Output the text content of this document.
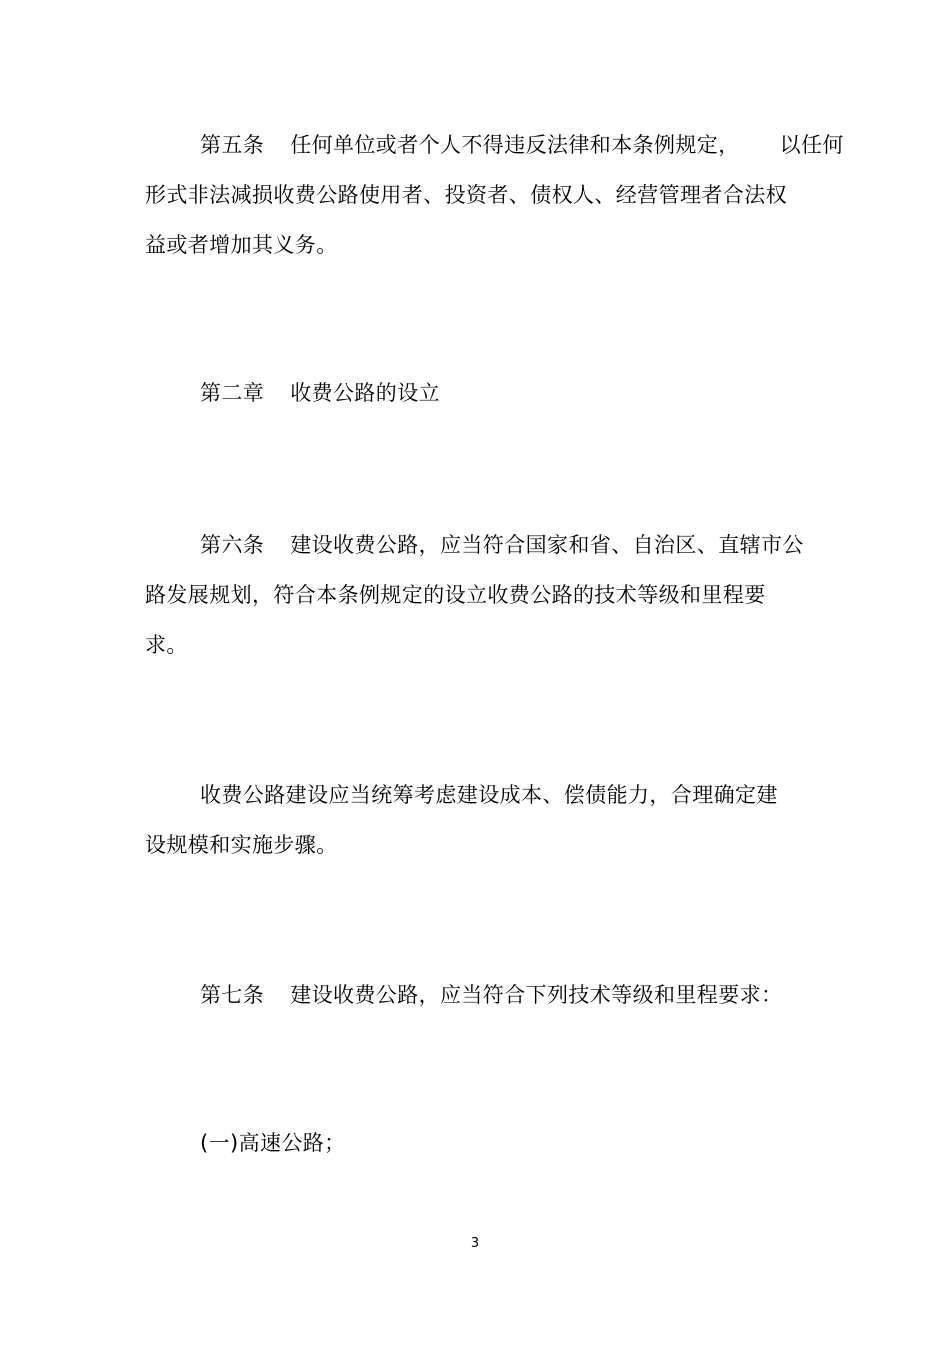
第五条 任何单位或者个人不得违反法律和本条例规定， 以任何
形式非法减损收费公路使用者、投资者、债权人、经营管理者合法权
益或者增加其义务。
第二章 收费公路的设立
第六条 建设收费公路，应当符合国家和省、自治区、直辖市公
路发展规划，符合本条例规定的设立收费公路的技术等级和里程要
求。
收费公路建设应当统筹考虑建设成本、偿债能力，合理确定建
设规模和实施步骤。
第七条 建设收费公路，应当符合下列技术等级和里程要求：
(一)高速公路；
3
